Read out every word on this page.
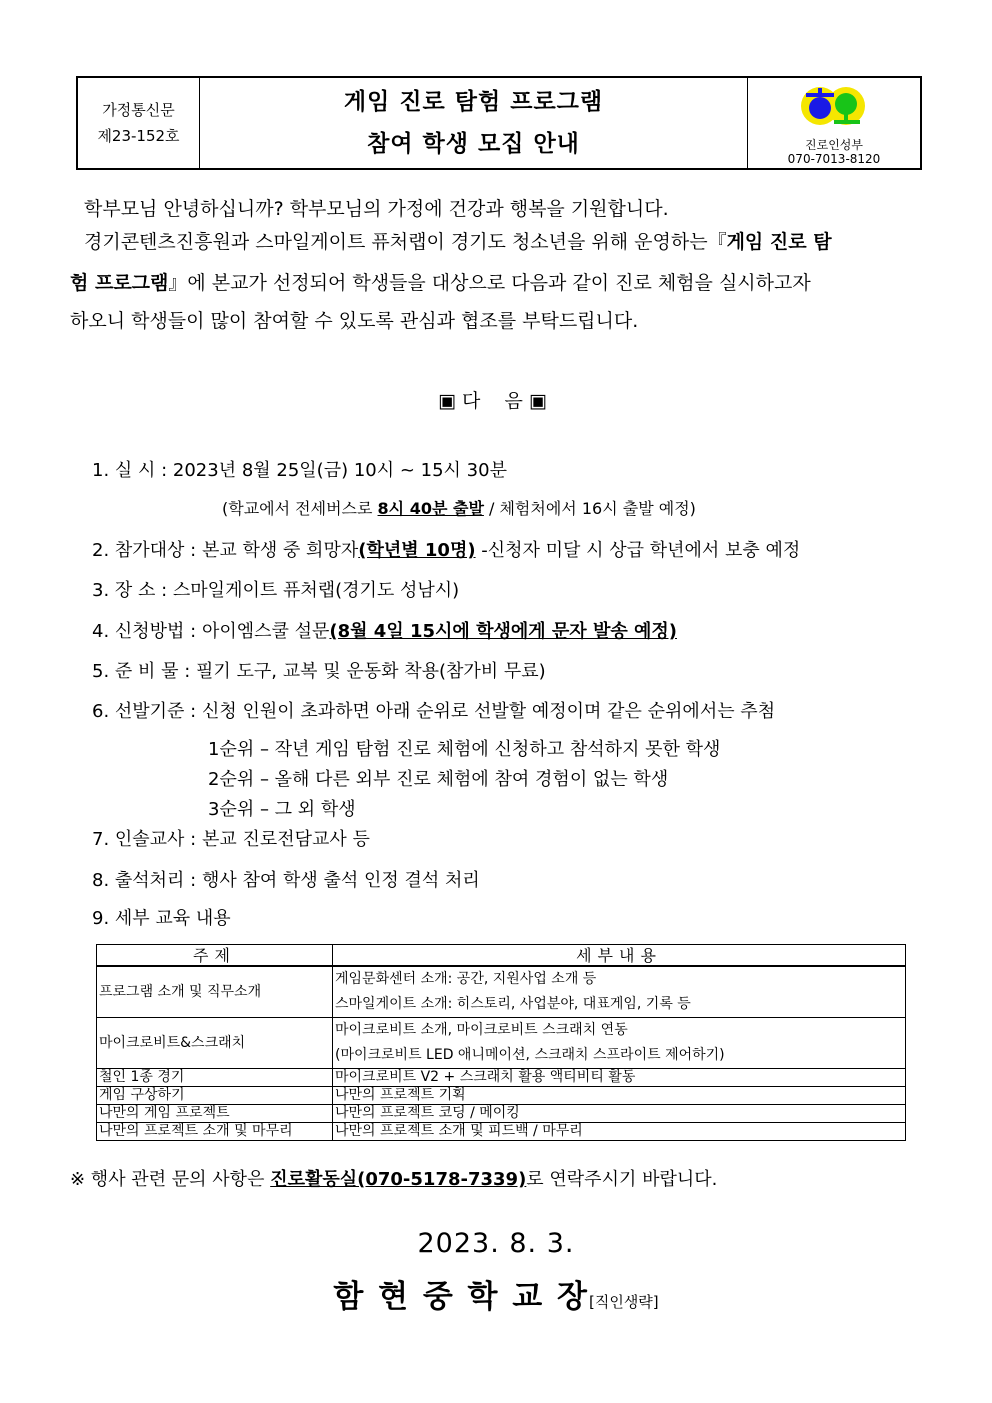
가정통신문
제23-152호
게임 진로 탐험 프로그램
참여 학생 모집 안내	진로인성부
070-7013-8120
학부모님 안녕하십니까? 학부모님의 가정에 건강과 행복을 기원합니다.
경기콘텐츠진흥원과 스마일게이트 퓨처랩이 경기도 청소년을 위해 운영하는『게임 진로 탐
험 프로그램』에 본교가 선정되어 학생들을 대상으로 다음과 같이 진로 체험을 실시하고자
하오니 학생들이 많이 참여할 수 있도록 관심과 협조를 부탁드립니다.
▣ 다    음 ▣
1. 실 시 : 2023년 8월 25일(금) 10시 ~ 15시 30분
(학교에서 전세버스로 8시 40분 출발 / 체험처에서 16시 출발 예정)
2. 참가대상 : 본교 학생 중 희망자(학년별 10명) -신청자 미달 시 상급 학년에서 보충 예정
3. 장 소 : 스마일게이트 퓨처랩(경기도 성남시)
4. 신청방법 : 아이엠스쿨 설문(8월 4일 15시에 학생에게 문자 발송 예정)
5. 준 비 물 : 필기 도구, 교복 및 운동화 착용(참가비 무료)
6. 선발기준 : 신청 인원이 초과하면 아래 순위로 선발할 예정이며 같은 순위에서는 추첨
1순위 – 작년 게임 탐험 진로 체험에 신청하고 참석하지 못한 학생
2순위 – 올해 다른 외부 진로 체험에 참여 경험이 없는 학생
3순위 – 그 외 학생
7. 인솔교사 : 본교 진로전담교사 등
8. 출석처리 : 행사 참여 학생 출석 인정 결석 처리
9. 세부 교육 내용
주제	세부내용
프로그램 소개 및 직무소개	게임문화센터 소개: 공간, 지원사업 소개 등
스마일게이트 소개: 히스토리, 사업분야, 대표게임, 기록 등

마이크로비트&스크래치	마이크로비트 소개, 마이크로비트 스크래치 연동
(마이크로비트 LED 애니메이션, 스크래치 스프라이트 제어하기)

철인 1종 경기	마이크로비트 V2 + 스크래치 활용 액티비티 활동
게임 구상하기	나만의 프로젝트 기획
나만의 게임 프로젝트	나만의 프로젝트 코딩 / 메이킹
나만의 프로젝트 소개 및 마무리	나만의 프로젝트 소개 및 피드백 / 마무리
※ 행사 관련 문의 사항은 진로활동실(070-5178-7339)로 연락주시기 바랍니다.
2023. 8. 3.
함 현 중 학 교 장[직인생략]
